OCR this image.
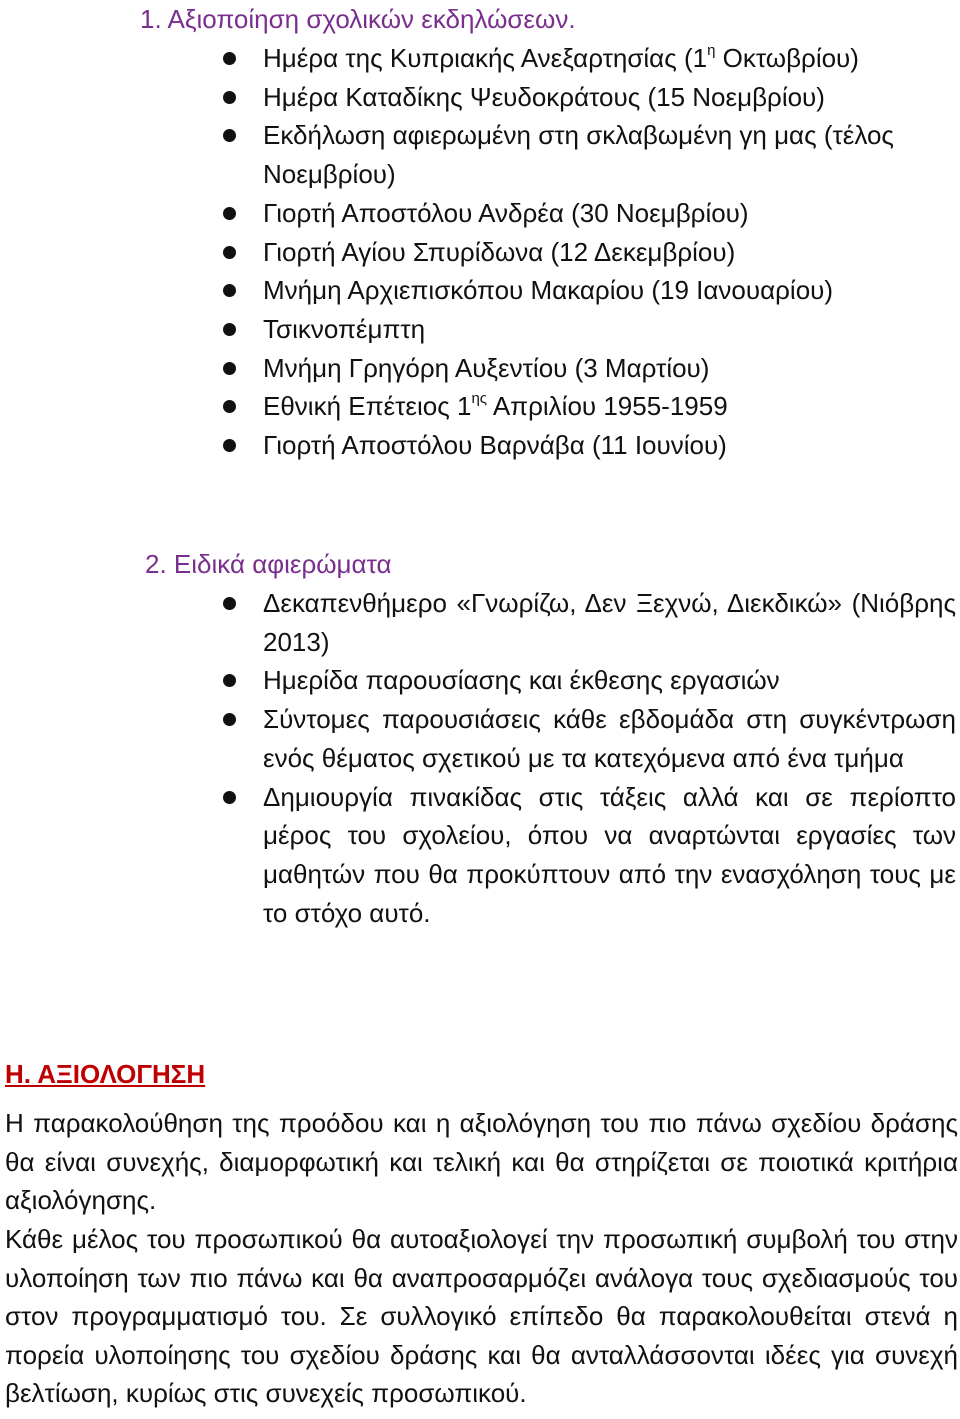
1. Αξιοποίηση σχολικών εκδηλώσεων.
Ημέρα της Κυπριακής Ανεξαρτησίας ($1^\eta$ Οκτωβρίου)
Ημέρα Καταδίκης Ψευδοκράτους (15 Νοεμβρίου)
Εκδήλωση αφιερωμένη στη σκλαβωμένη γη μας (τέλος Νοεμβρίου)
Γιορτή Αποστόλου Ανδρέα (30 Νοεμβρίου)
Γιορτή Αγίου Σπυρίδωνα (12 Δεκεμβρίου)
Μνήμη Αρχιεπισκόπου Μακαρίου (19 Ιανουαρίου)
Τσικνοπέμπτη
Μνήμη Γρηγόρη Αυξεντίου (3 Μαρτίου)
Εθνική Επέτειος $1^{\eta\varsigma}$ Απριλίου 1955-1959
Γιορτή Αποστόλου Βαρνάβα (11 Ιουνίου)
2. Ειδικά αφιερώματα
Δεκαπενθήμερο «Γνωρίζω, Δεν Ξεχνώ, Διεκδικώ» (Νιόβρης 2013)
Ημερίδα παρουσίασης και έκθεσης εργασιών
Σύντομες παρουσιάσεις κάθε εβδομάδα στη συγκέντρωση ενός θέματος σχετικού με τα κατεχόμενα από ένα τμήμα
Δημιουργία πινακίδας στις τάξεις αλλά και σε περίοπτο μέρος του σχολείου, όπου να αναρτώνται εργασίες των μαθητών που θα προκύπτουν από την ενασχόληση τους με το στόχο αυτό.
Η. ΑΞΙΟΛΟΓΗΣΗ

Η παρακολούθηση της προόδου και η αξιολόγηση του πιο πάνω σχεδίου δράσης θα είναι συνεχής, διαμορφωτική και τελική και θα στηρίζεται σε ποιοτικά κριτήρια αξιολόγησης.

Κάθε μέλος του προσωπικού θα αυτοαξιολογεί την προσωπική συμβολή του στην υλοποίηση των πιο πάνω και θα αναπροσαρμόζει ανάλογα τους σχεδιασμούς του στον προγραμματισμό του. Σε συλλογικό επίπεδο θα παρακολουθείται στενά η πορεία υλοποίησης του σχεδίου δράσης και θα ανταλλάσσονται ιδέες για συνεχή βελτίωση, κυρίως στις συνεχείς προσωπικού.
